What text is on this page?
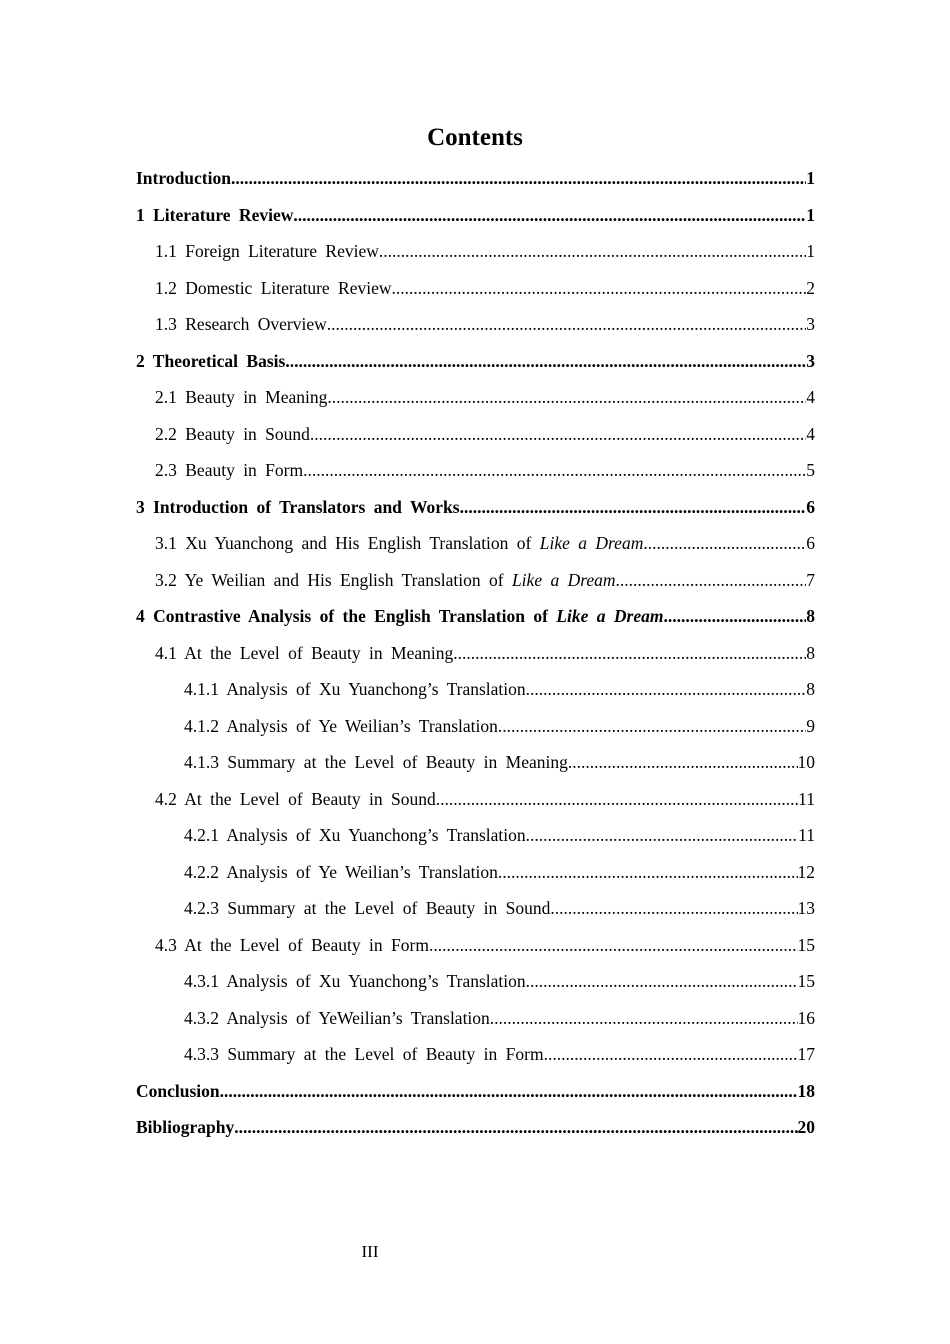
Contents
Introduction .....	1
1 Literature Review .....	1
1.1 Foreign Literature Review .....	1
1.2 Domestic Literature Review .....	2
1.3 Research Overview .....	3
2 Theoretical Basis .....	3
2.1 Beauty in Meaning .....	4
2.2 Beauty in Sound .....	4
2.3 Beauty in Form .....	5
3 Introduction of Translators and Works .....	6
3.1 Xu Yuanchong and His English Translation of Like a Dream .....	6
3.2 Ye Weilian and His English Translation of Like a Dream .....	7
4 Contrastive Analysis of the English Translation of Like a Dream .....	8
4.1 At the Level of Beauty in Meaning .....	8
4.1.1 Analysis of Xu Yuanchong’s Translation .....	8
4.1.2 Analysis of Ye Weilian’s Translation .....	9
4.1.3 Summary at the Level of Beauty in Meaning .....	10
4.2 At the Level of Beauty in Sound .....	11
4.2.1 Analysis of Xu Yuanchong’s Translation .....	11
4.2.2 Analysis of Ye Weilian’s Translation .....	12
4.2.3 Summary at the Level of Beauty in Sound .....	13
4.3 At the Level of Beauty in Form .....	15
4.3.1 Analysis of Xu Yuanchong’s Translation .....	15
4.3.2 Analysis of YeWeilian’s Translation .....	16
4.3.3 Summary at the Level of Beauty in Form .....	17
Conclusion .....	18
Bibliography .....	20
III
